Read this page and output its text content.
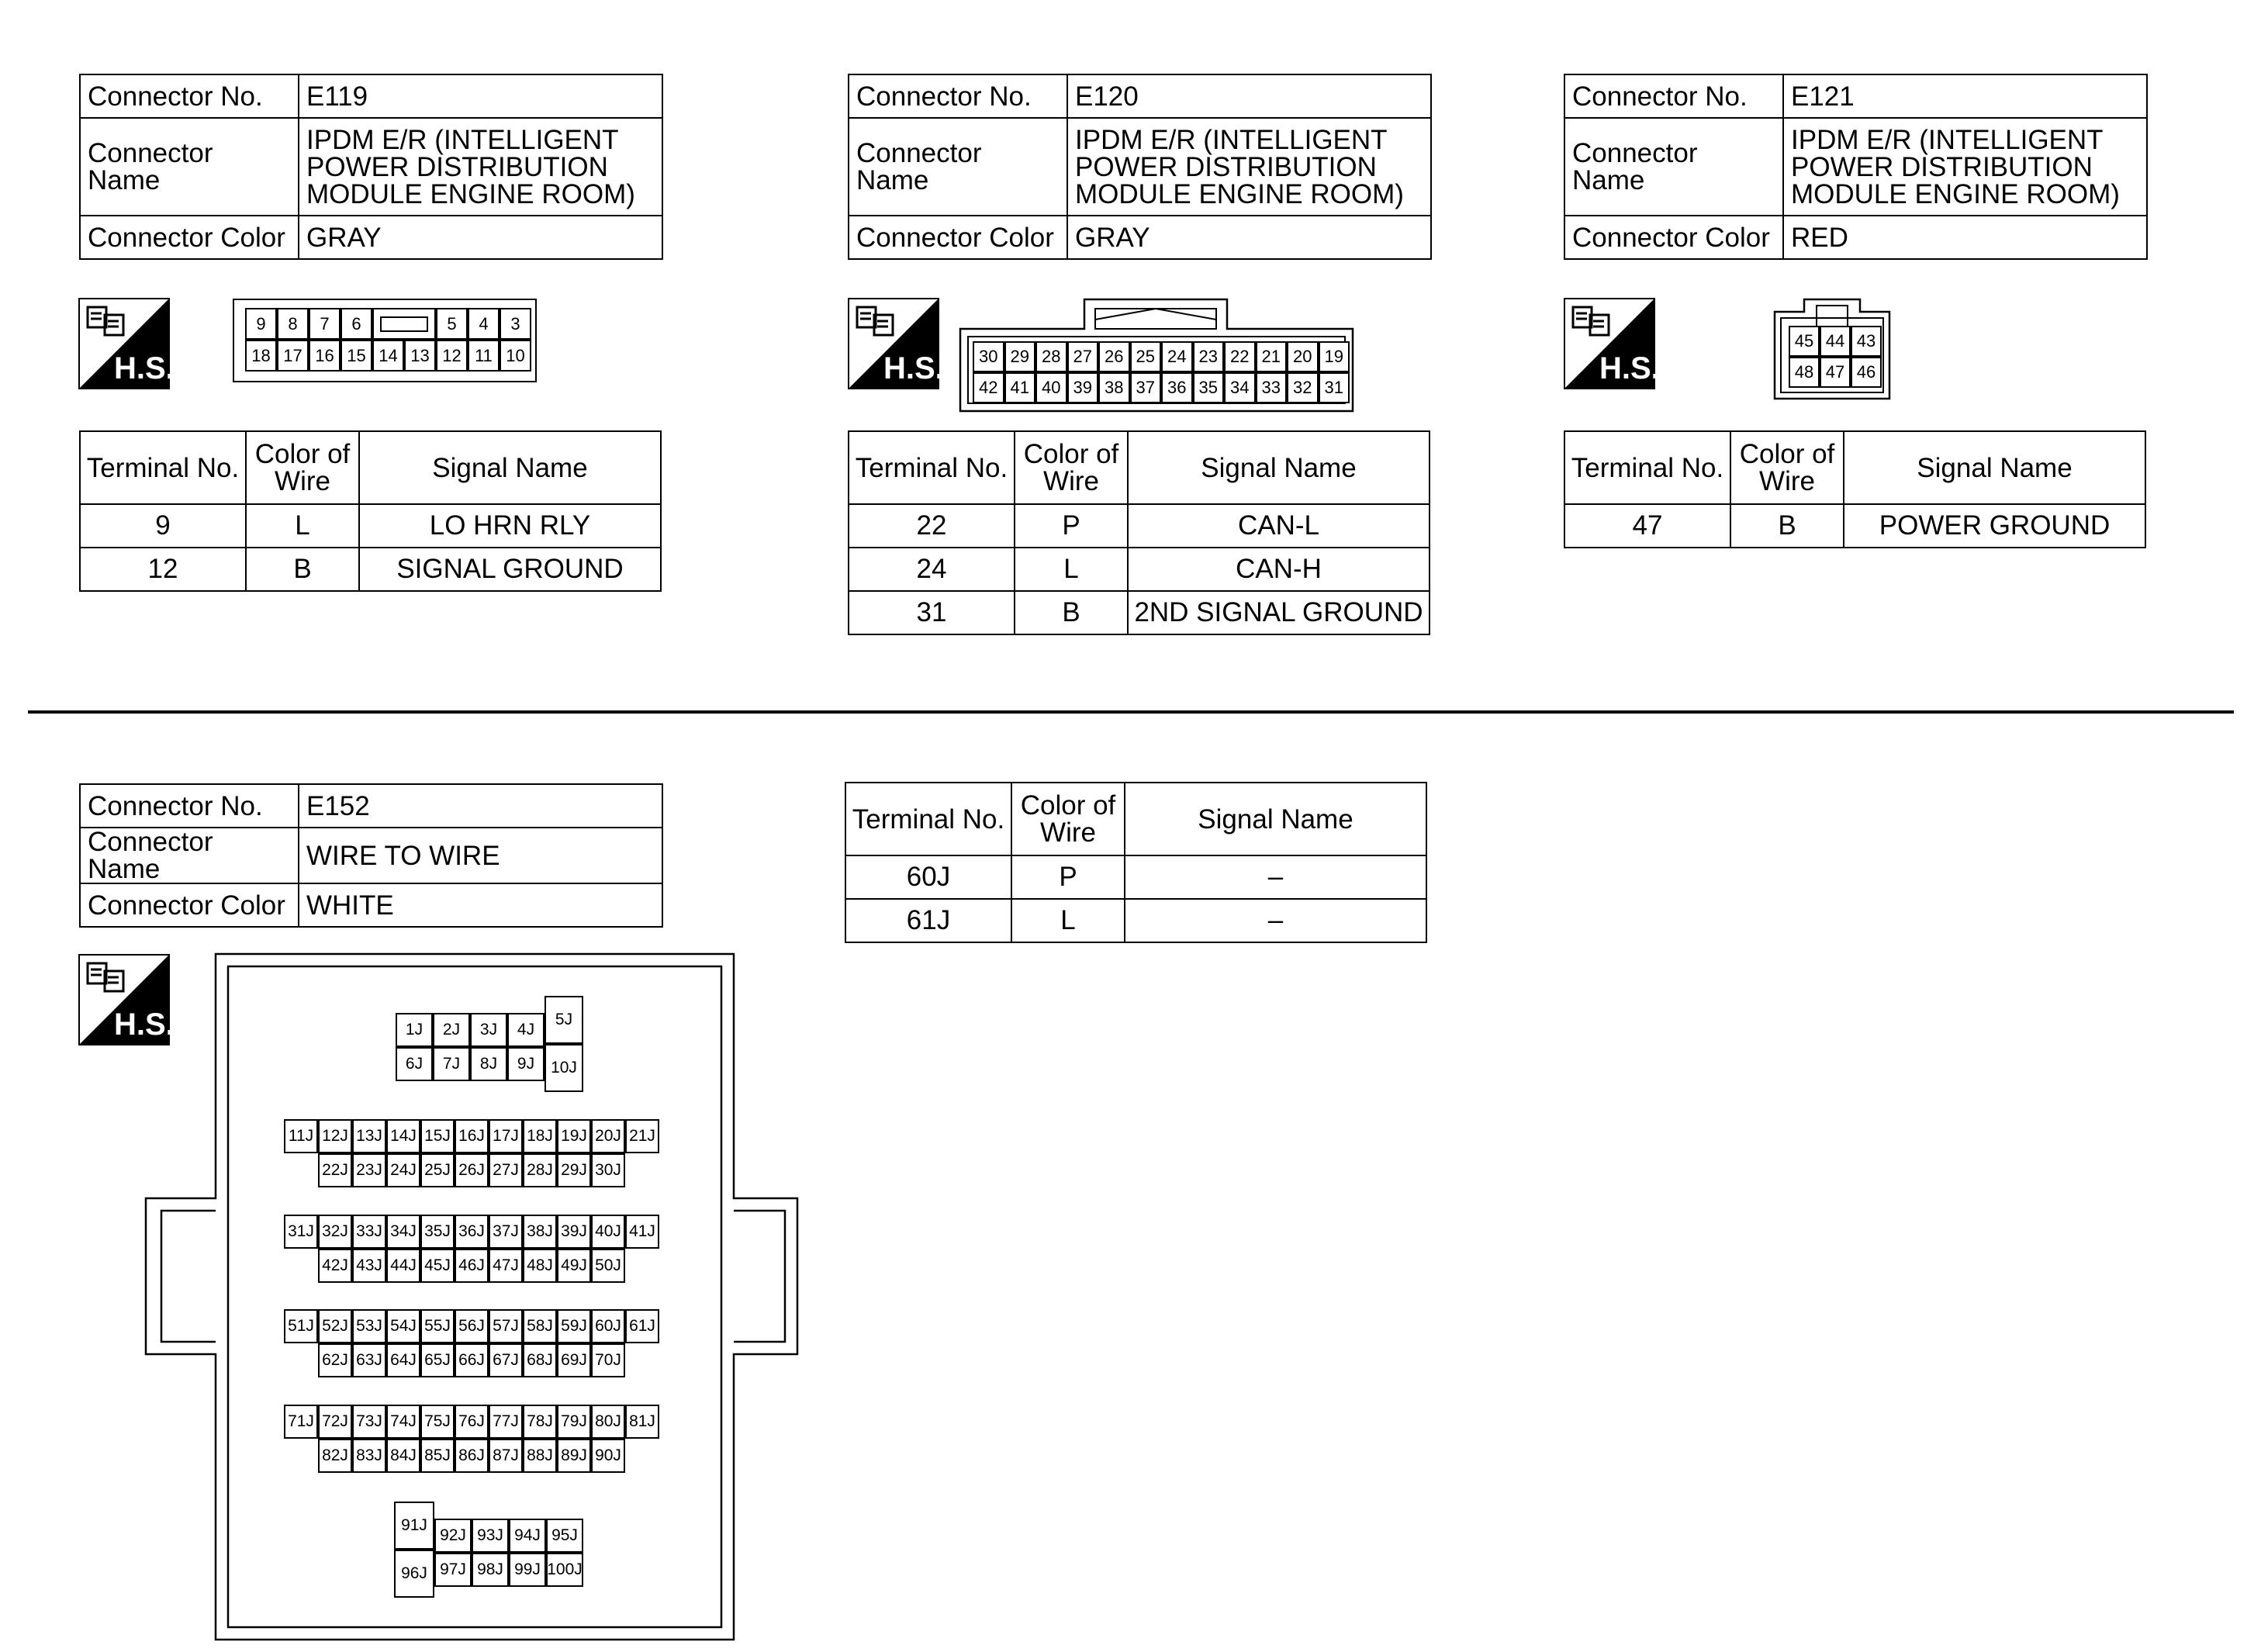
Connector No.	E119
Connector Name	IPDM E/R (INTELLIGENT
POWER DISTRIBUTION
MODULE ENGINE ROOM)

Connector Color	GRAY
H.S.
9	8	7	6	5	4	3
18 17 16 15 14 13 12 11 10
Terminal No.	Color of Wire	Signal Name
9	L	LO HRN RLY
12	B	SIGNAL GROUND
Connector No.	E120
Connector Name	IPDM E/R (INTELLIGENT
POWER DISTRIBUTION
MODULE ENGINE ROOM)

Connector Color	GRAY
H.S.	30 29 28 27 26 25 24 23 22 21 20 19
42 41 40 39 38 37 36 35 34 33 32 31
Terminal No.	Color of Wire	Signal Name
22	P	CAN-L
24	L	CAN-H
31	B	2ND SIGNAL GROUND
Connector No.	E121
Connector Name	IPDM E/R (INTELLIGENT
POWER DISTRIBUTION
MODULE ENGINE ROOM)

Connector Color	RED
H.S.
45 44 43
48 47 46
Terminal No.	Color of Wire	Signal Name
47	B	POWER GROUND
Connector No.	E152
Connector Name	WIRE TO WIRE
Connector Color	WHITE
H.S.	1J	2J	3J	4J
6J	7J	8J	9J
5J
10J
11J 12J 13J 14J 15J 16J 17J 18J 19J 20J 21J
22J 23J 24J 25J 26J 27J 28J 29J 30J
31J 32J 33J 34J 35J 36J 37J 38J 39J 40J 41J
42J 43J 44J 45J 46J 47J 48J 49J 50J
51J 52J 53J 54J 55J 56J 57J 58J 59J 60J 61J
62J 63J 64J 65J 66J 67J 68J 69J 70J
71J 72J 73J 74J 75J 76J 77J 78J 79J 80J 81J
82J 83J 84J 85J 86J 87J 88J 89J 90J
91J
96J
92J 93J 94J 95J
97J 98J 99J 100J
Terminal No.	Color of Wire	Signal Name
60J	P	–
61J	L	–
